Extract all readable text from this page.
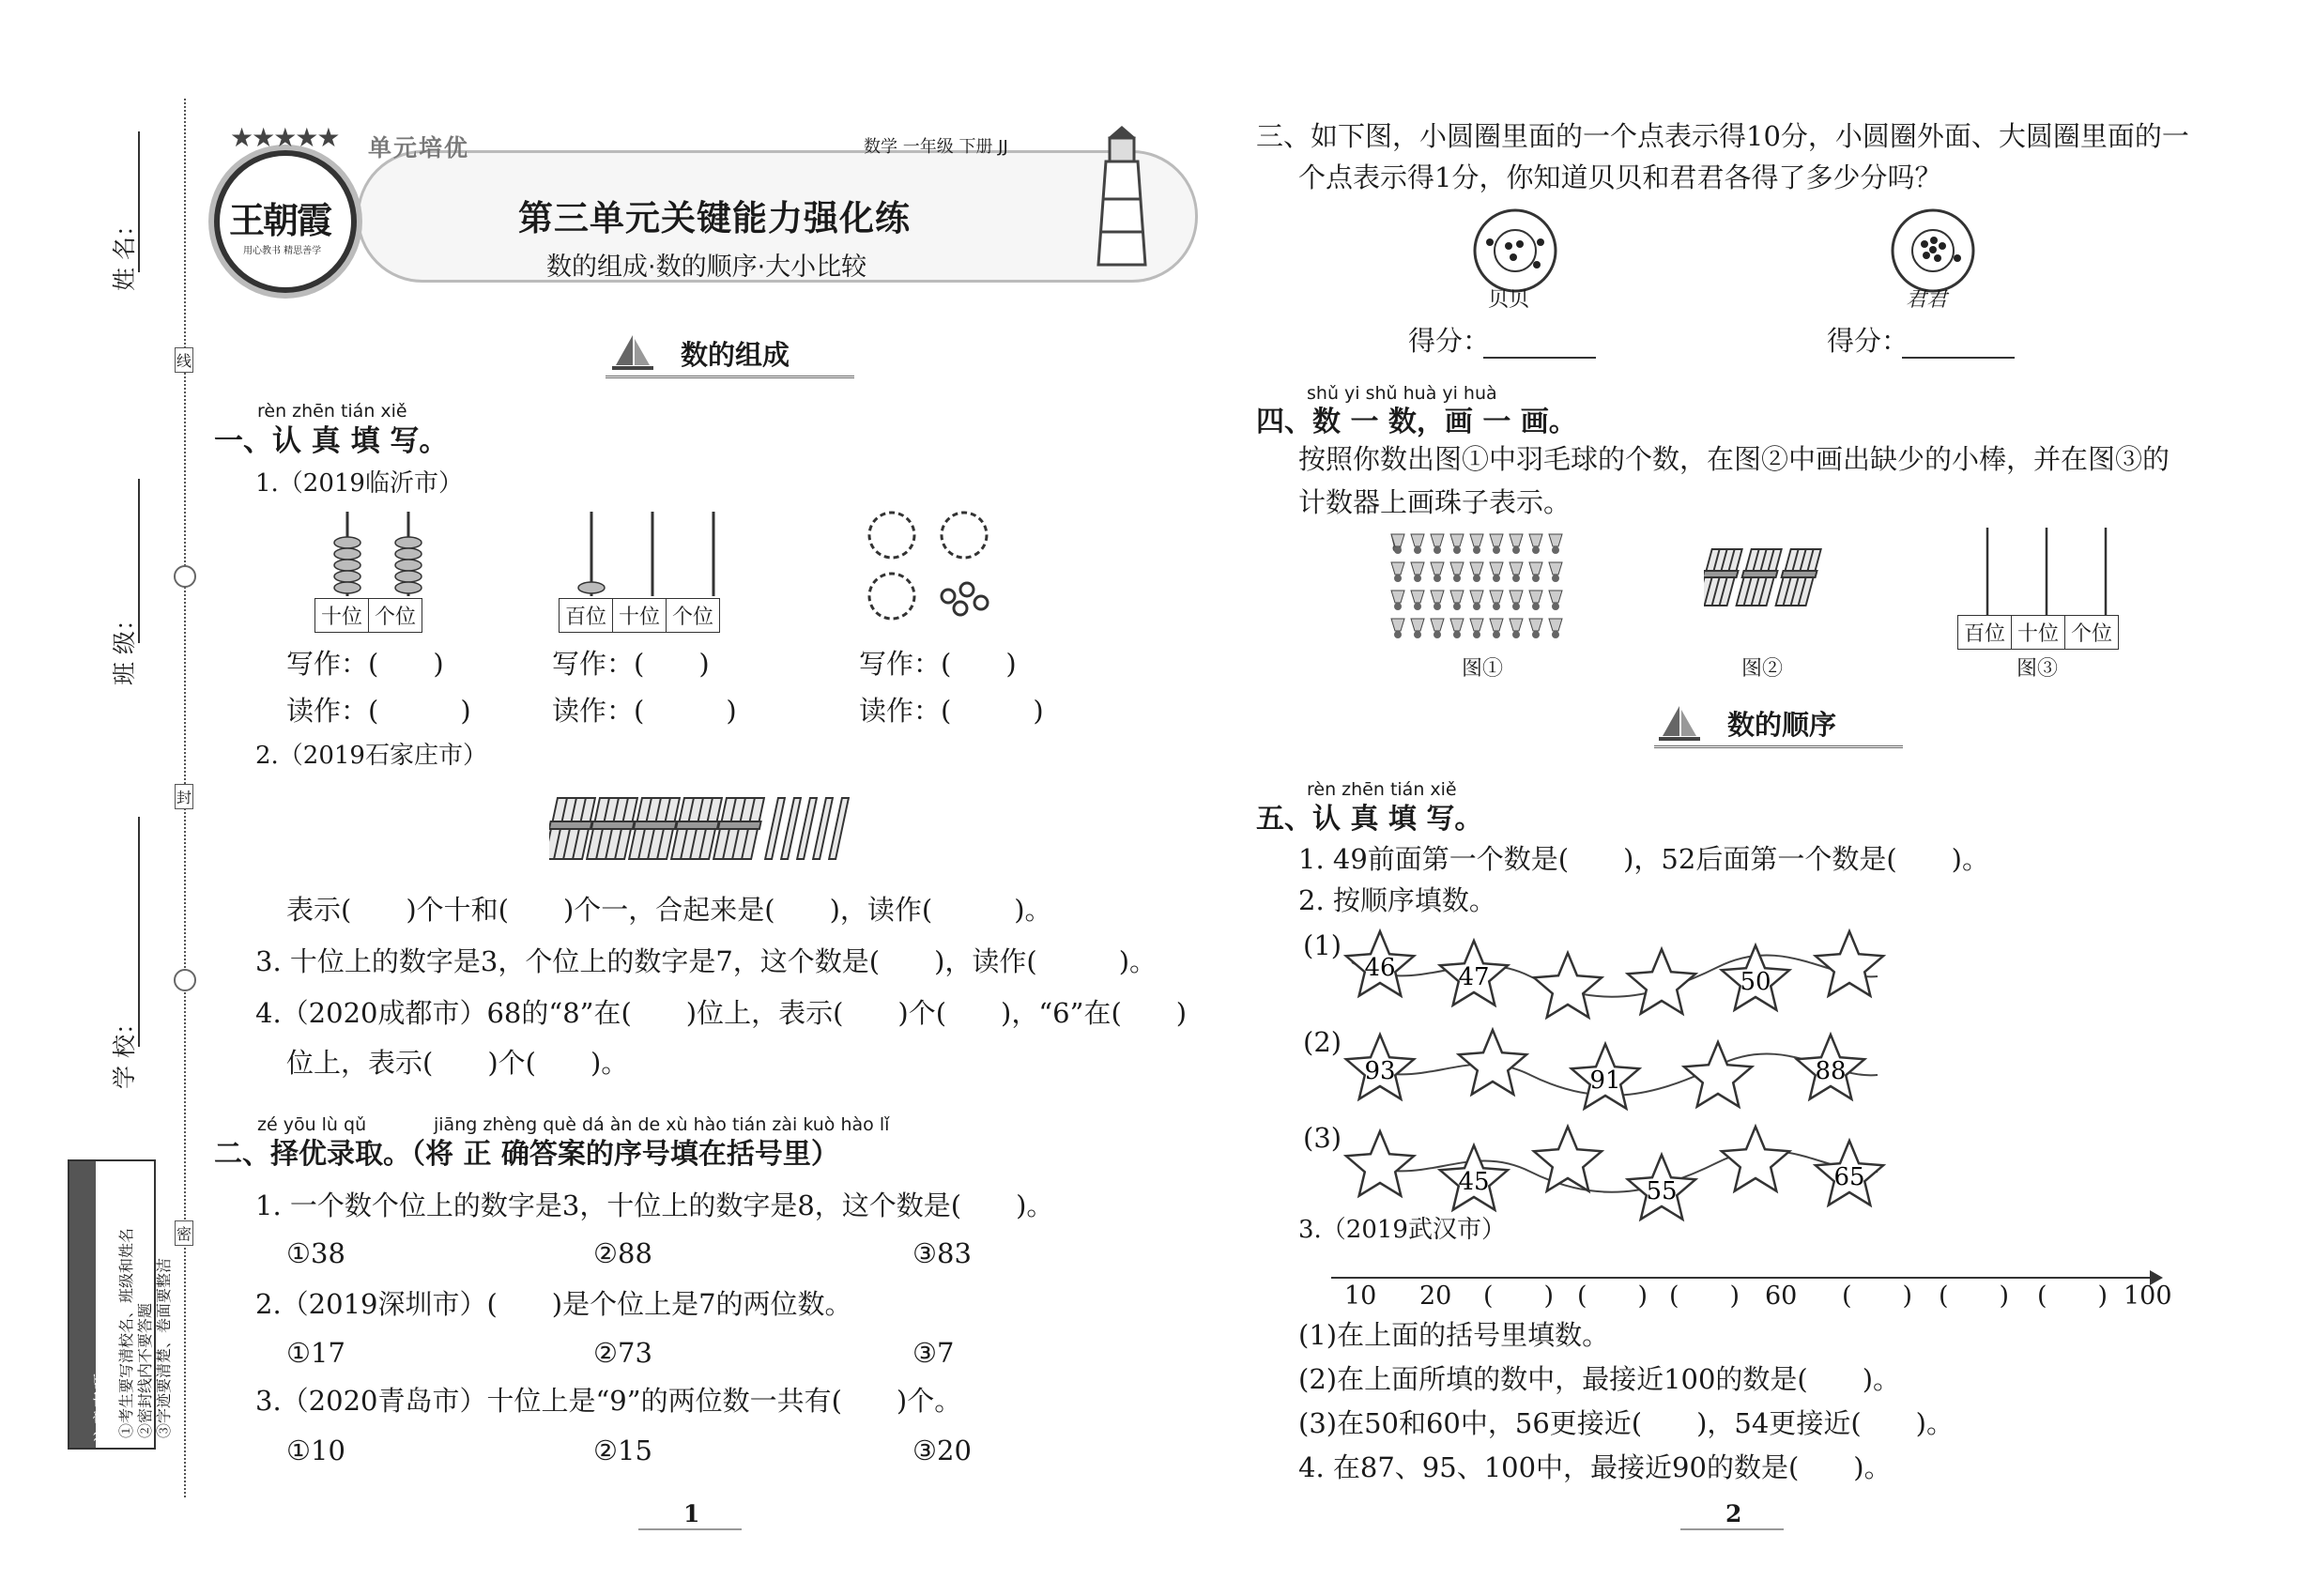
线
封
密
姓 名：
班 级：
学 校：
注意事项 ①考生要写清校名、班级和姓名 ②密封线内不要答题 ③字迹要清楚、卷面要整洁
王朝霞
用心教书 精思善学
★★★★★ 单元培优	数学 一年级 下册 JJ
第三单元关键能力强化练
数的组成·数的顺序·大小比较
数的组成
rèn zhēn tián xiě
一、认 真 填 写。
1.（2019临沂市）
十位 个位	百位 十位 个位
写作：(　　)	写作：(　　)	写作：(　　)
读作：(　　　)	读作：(　　　)	读作：(　　　)
2.（2019石家庄市）
表示(　　)个十和(　　)个一，合起来是(　　)，读作(　　　)。
3. 十位上的数字是3，个位上的数字是7，这个数是(　　)，读作(　　　)。
4.（2020成都市）68的“8”在(　　)位上，表示(　　)个(　　)，“6”在(　　)
位上，表示(　　)个(　　)。
zé yōu lù qǔ	jiāng zhèng què dá àn de xù hào tián zài kuò hào lǐ
二、择优录取。（将 正 确答案的序号填在括号里）
1. 一个数个位上的数字是3，十位上的数字是8，这个数是(　　)。
①38	②88	③83
2.（2019深圳市）(　　)是个位上是7的两位数。
①17	②73	③7
3.（2020青岛市）十位上是“9”的两位数一共有(　　)个。
①10	②15	③20
1
三、如下图，小圆圈里面的一个点表示得10分，小圆圈外面、大圆圈里面的一
个点表示得1分，你知道贝贝和君君各得了多少分吗？
贝贝	君君
得分：	得分：
shǔ yi shǔ huà yi huà
四、数 一 数，画 一 画。
按照你数出图①中羽毛球的个数，在图②中画出缺少的小棒，并在图③的
计数器上画珠子表示。
图①	图②
百位 十位 个位
图③
数的顺序
rèn zhēn tián xiě
五、认 真 填 写。
1. 49前面第一个数是(　　)，52后面第一个数是(　　)。
2. 按顺序填数。
(1)
46	47	50
(2)
93	91	88
(3)
45	55	65
3.（2019武汉市）
10 20 (　　) (　　) (　　) 60 (　　) (　　) (　　) 100
(1)在上面的括号里填数。
(2)在上面所填的数中，最接近100的数是(　　)。
(3)在50和60中，56更接近(　　)，54更接近(　　)。
4. 在87、95、100中，最接近90的数是(　　)。
2
